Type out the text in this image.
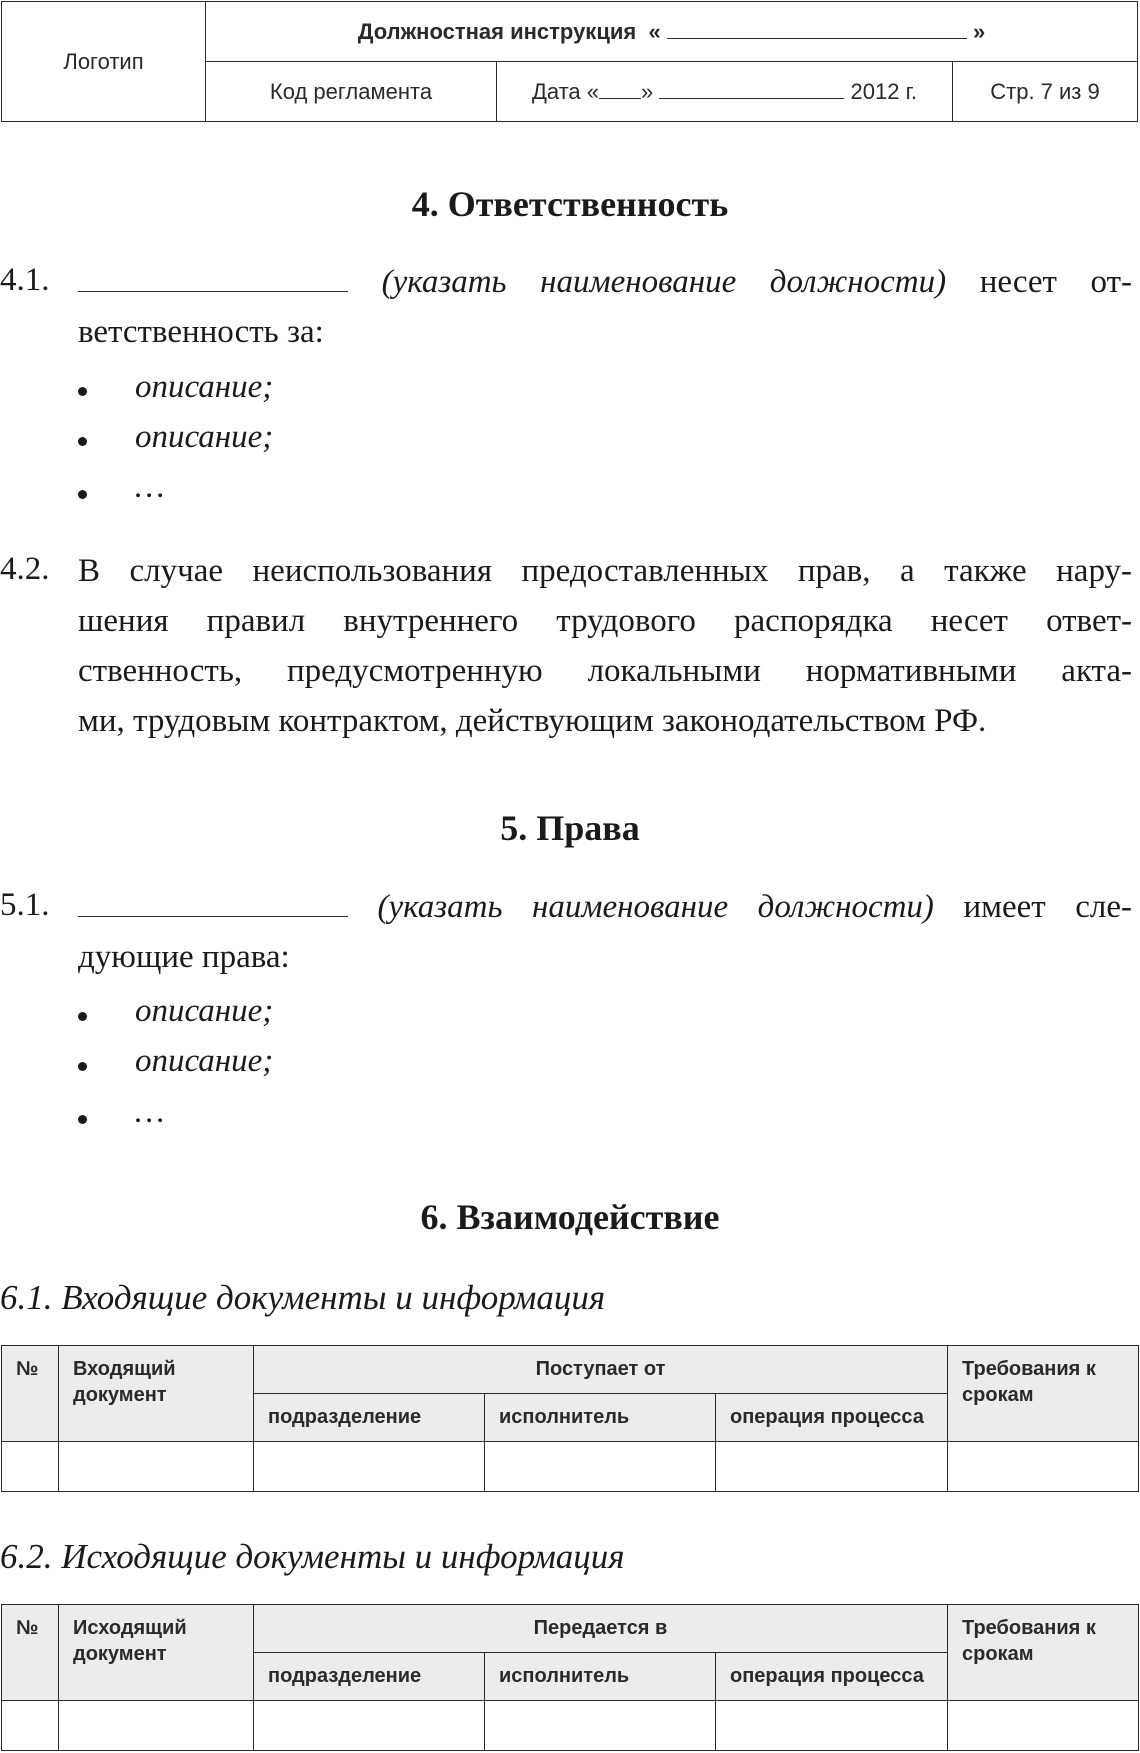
Логотип	Должностная инструкция « »		
	Код регламента	Дата « » 2012 г.	Стр. 7 из 9
4. Ответственность
4.1.	(указать наименование должности) несет от-
ветственность за:
описание;
описание;
…
4.2. В случае неиспользования предоставленных прав, а также нару-
шения правил внутреннего трудового распорядка несет ответ-
ственность, предусмотренную локальными нормативными акта-
ми, трудовым контрактом, действующим законодательством РФ.
5. Права
5.1.	(указать наименование должности) имеет сле-
дующие права:
описание;
описание;
…
6. Взаимодействие
6.1. Входящие документы и информация
№	Входящий документ	Поступает от			Требования к срокам
		подразделение	исполнитель	операция процесса	

6.2. Исходящие документы и информация
№	Исходящий документ	Передается в			Требования к срокам
		подразделение	исполнитель	операция процесса	
